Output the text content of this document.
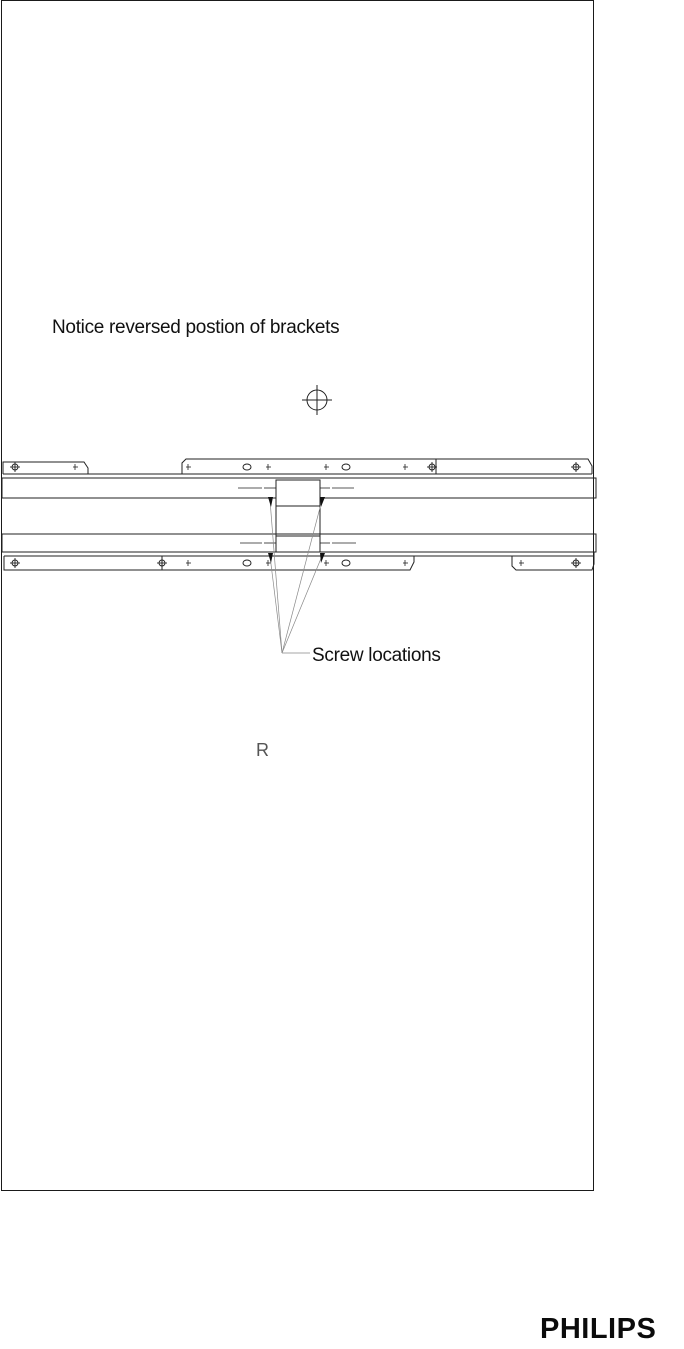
Notice reversed postion of brackets
Screw locations
R
PHILIPS
